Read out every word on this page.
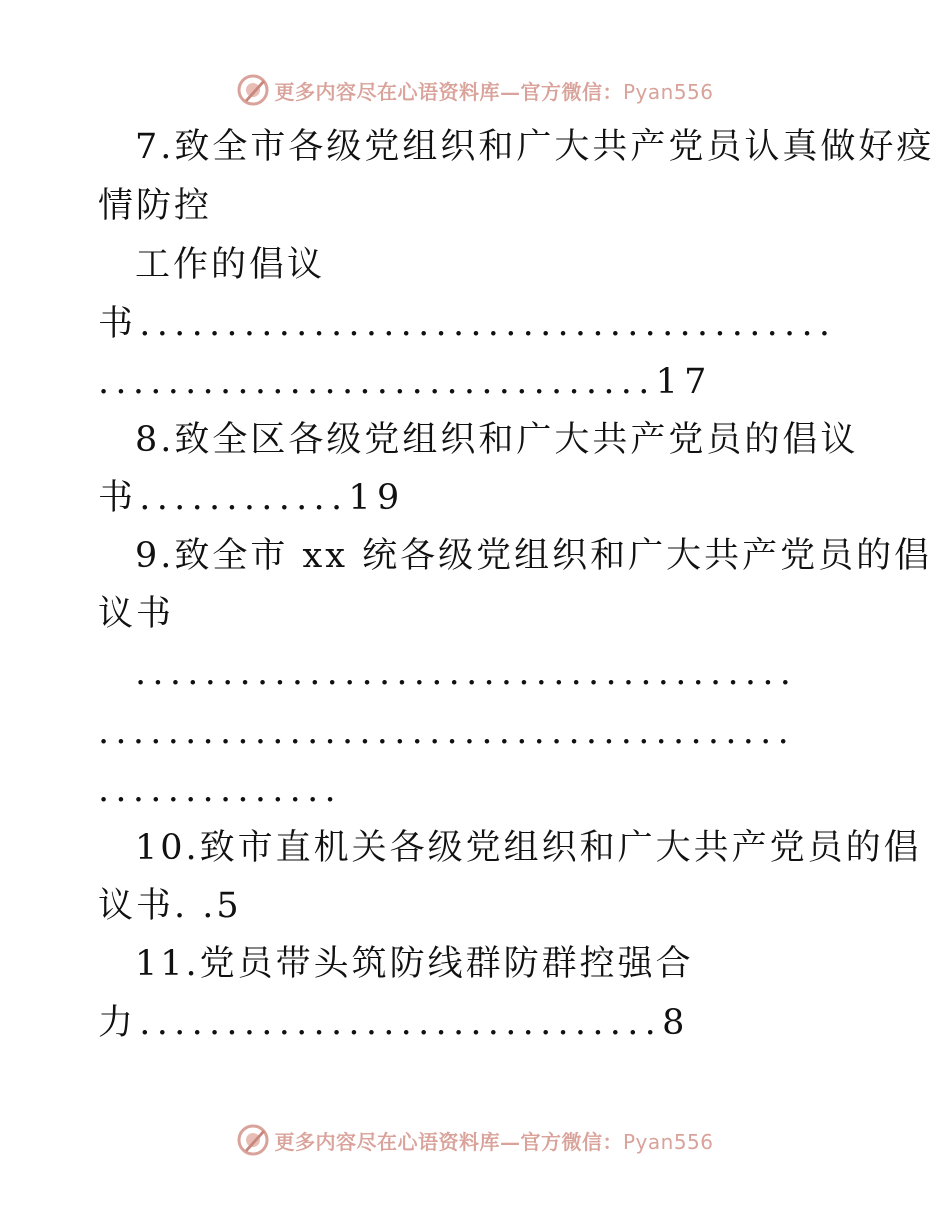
更多内容尽在心语资料库—官方微信：Pyan556
7.致全市各级党组织和广大共产党员认真做好疫
情防控
工作的倡议
书........................................
................................17
8.致全区各级党组织和广大共产党员的倡议
书............19
9.致全市 xx 统各级党组织和广大共产党员的倡
议书
......................................
........................................
..............
10.致市直机关各级党组织和广大共产党员的倡
议书. .5
11.党员带头筑防线群防群控强合
力..............................8
更多内容尽在心语资料库—官方微信：Pyan556
